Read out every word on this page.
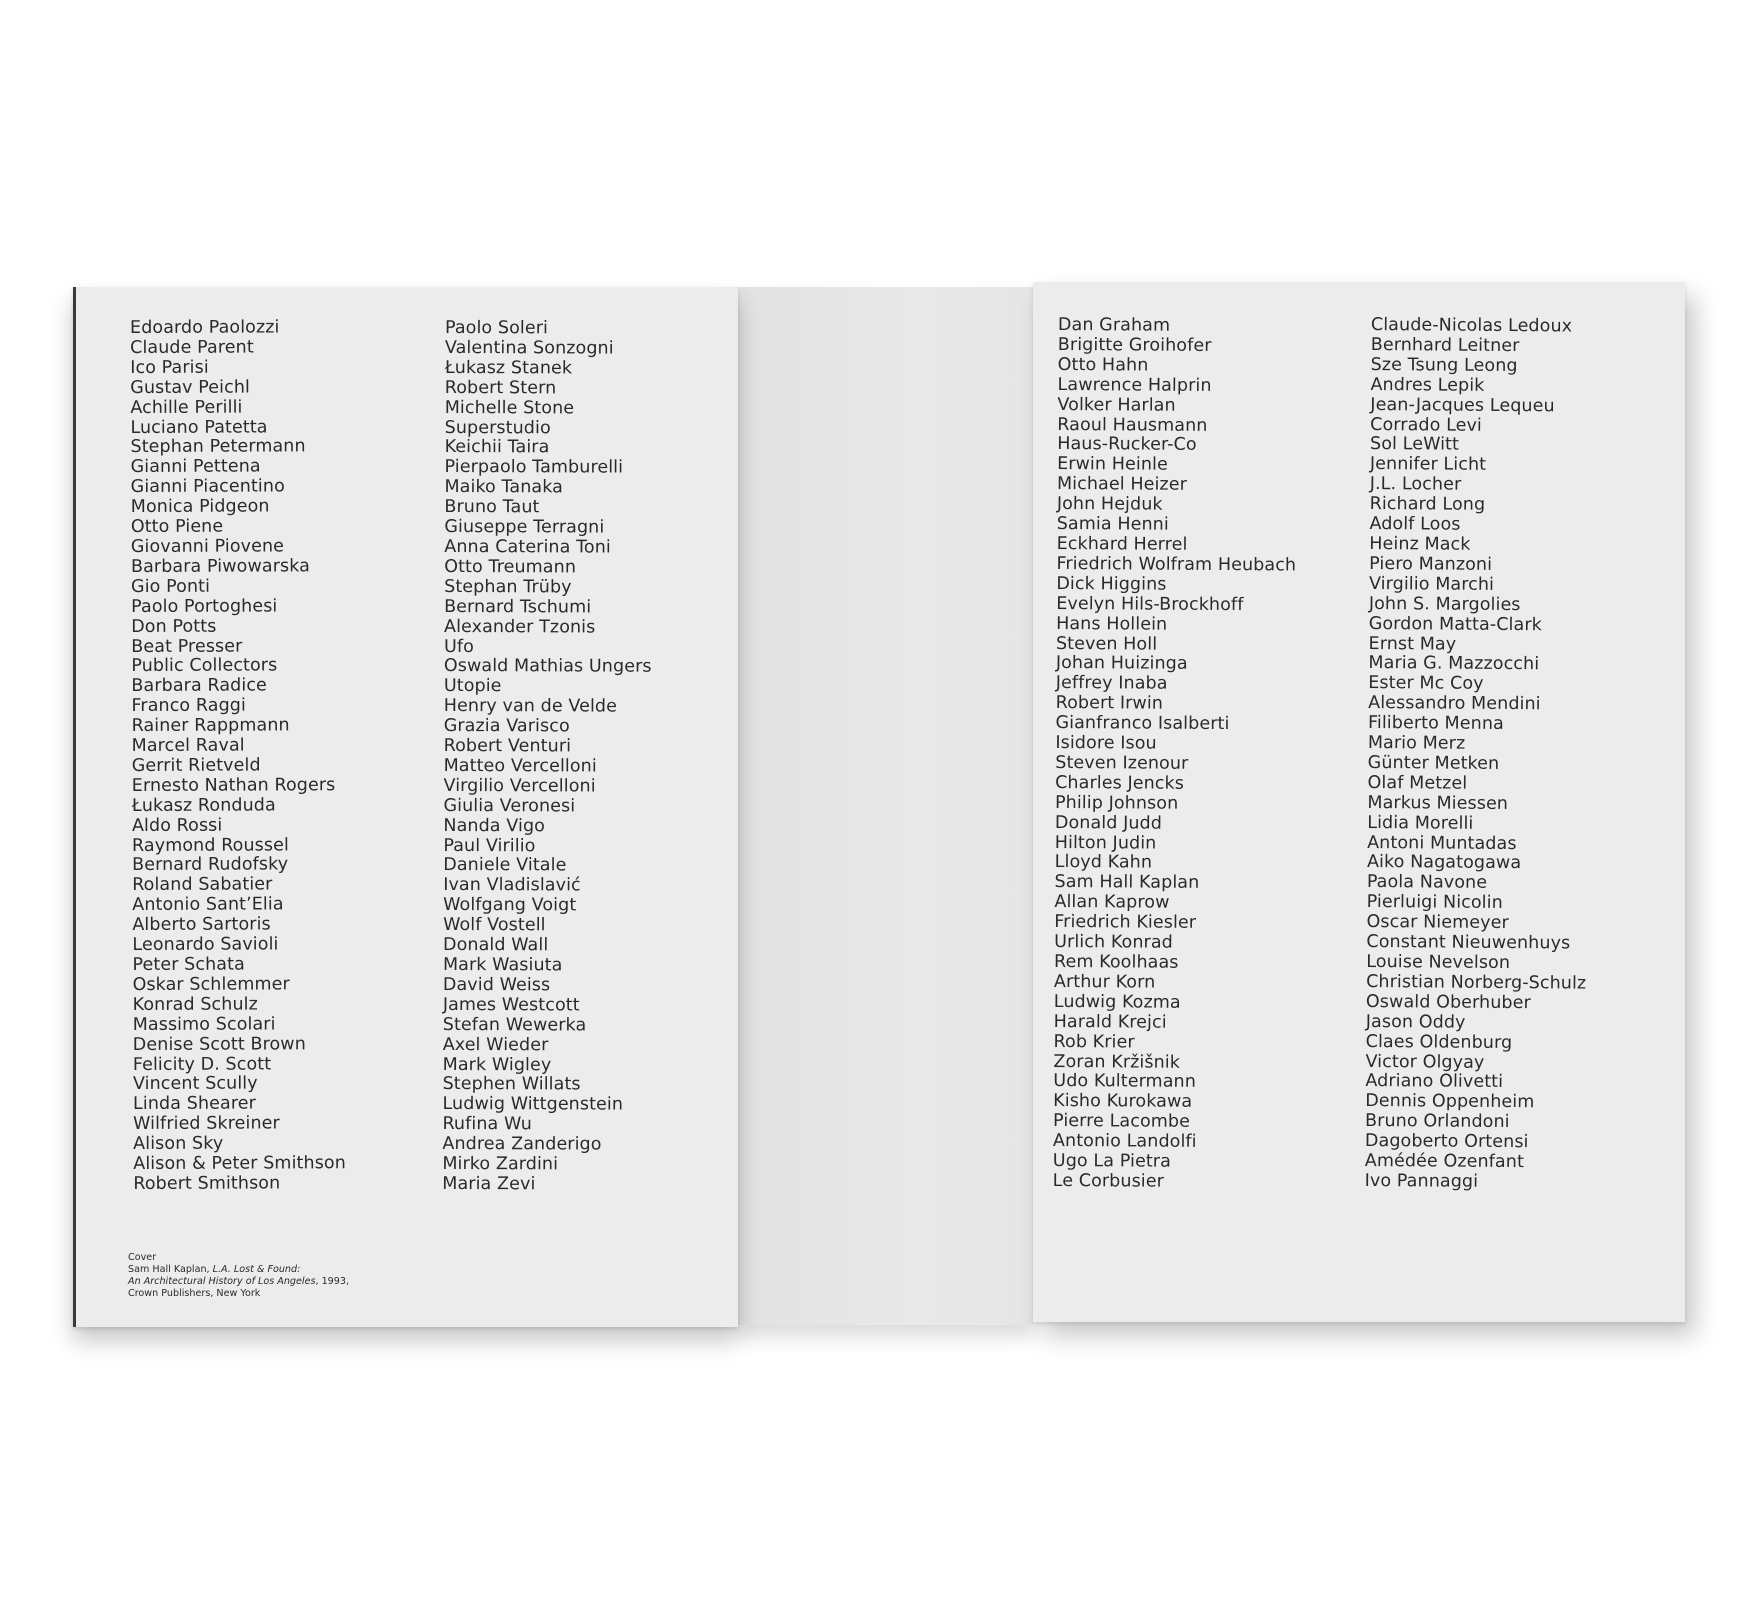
Edoardo Paolozzi
Claude Parent
Ico Parisi
Gustav Peichl
Achille Perilli
Luciano Patetta
Stephan Petermann
Gianni Pettena
Gianni Piacentino
Monica Pidgeon
Otto Piene
Giovanni Piovene
Barbara Piwowarska
Gio Ponti
Paolo Portoghesi
Don Potts
Beat Presser
Public Collectors
Barbara Radice
Franco Raggi
Rainer Rappmann
Marcel Raval
Gerrit Rietveld
Ernesto Nathan Rogers
Łukasz Ronduda
Aldo Rossi
Raymond Roussel
Bernard Rudofsky
Roland Sabatier
Antonio Sant’Elia
Alberto Sartoris
Leonardo Savioli
Peter Schata
Oskar Schlemmer
Konrad Schulz
Massimo Scolari
Denise Scott Brown
Felicity D. Scott
Vincent Scully
Linda Shearer
Wilfried Skreiner
Alison Sky
Alison & Peter Smithson
Robert Smithson
Paolo Soleri
Valentina Sonzogni
Łukasz Stanek
Robert Stern
Michelle Stone
Superstudio
Keichii Taira
Pierpaolo Tamburelli
Maiko Tanaka
Bruno Taut
Giuseppe Terragni
Anna Caterina Toni
Otto Treumann
Stephan Trüby
Bernard Tschumi
Alexander Tzonis
Ufo
Oswald Mathias Ungers
Utopie
Henry van de Velde
Grazia Varisco
Robert Venturi
Matteo Vercelloni
Virgilio Vercelloni
Giulia Veronesi
Nanda Vigo
Paul Virilio
Daniele Vitale
Ivan Vladislavić
Wolfgang Voigt
Wolf Vostell
Donald Wall
Mark Wasiuta
David Weiss
James Westcott
Stefan Wewerka
Axel Wieder
Mark Wigley
Stephen Willats
Ludwig Wittgenstein
Rufina Wu
Andrea Zanderigo
Mirko Zardini
Maria Zevi
Cover
Sam Hall Kaplan, L.A. Lost & Found:
An Architectural History of Los Angeles, 1993,
Crown Publishers, New York
Dan Graham
Brigitte Groihofer
Otto Hahn
Lawrence Halprin
Volker Harlan
Raoul Hausmann
Haus-Rucker-Co
Erwin Heinle
Michael Heizer
John Hejduk
Samia Henni
Eckhard Herrel
Friedrich Wolfram Heubach
Dick Higgins
Evelyn Hils-Brockhoff
Hans Hollein
Steven Holl
Johan Huizinga
Jeffrey Inaba
Robert Irwin
Gianfranco Isalberti
Isidore Isou
Steven Izenour
Charles Jencks
Philip Johnson
Donald Judd
Hilton Judin
Lloyd Kahn
Sam Hall Kaplan
Allan Kaprow
Friedrich Kiesler
Urlich Konrad
Rem Koolhaas
Arthur Korn
Ludwig Kozma
Harald Krejci
Rob Krier
Zoran Kržišnik
Udo Kultermann
Kisho Kurokawa
Pierre Lacombe
Antonio Landolfi
Ugo La Pietra
Le Corbusier
Claude-Nicolas Ledoux
Bernhard Leitner
Sze Tsung Leong
Andres Lepik
Jean-Jacques Lequeu
Corrado Levi
Sol LeWitt
Jennifer Licht
J.L. Locher
Richard Long
Adolf Loos
Heinz Mack
Piero Manzoni
Virgilio Marchi
John S. Margolies
Gordon Matta-Clark
Ernst May
Maria G. Mazzocchi
Ester Mc Coy
Alessandro Mendini
Filiberto Menna
Mario Merz
Günter Metken
Olaf Metzel
Markus Miessen
Lidia Morelli
Antoni Muntadas
Aiko Nagatogawa
Paola Navone
Pierluigi Nicolin
Oscar Niemeyer
Constant Nieuwenhuys
Louise Nevelson
Christian Norberg-Schulz
Oswald Oberhuber
Jason Oddy
Claes Oldenburg
Victor Olgyay
Adriano Olivetti
Dennis Oppenheim
Bruno Orlandoni
Dagoberto Ortensi
Amédée Ozenfant
Ivo Pannaggi
